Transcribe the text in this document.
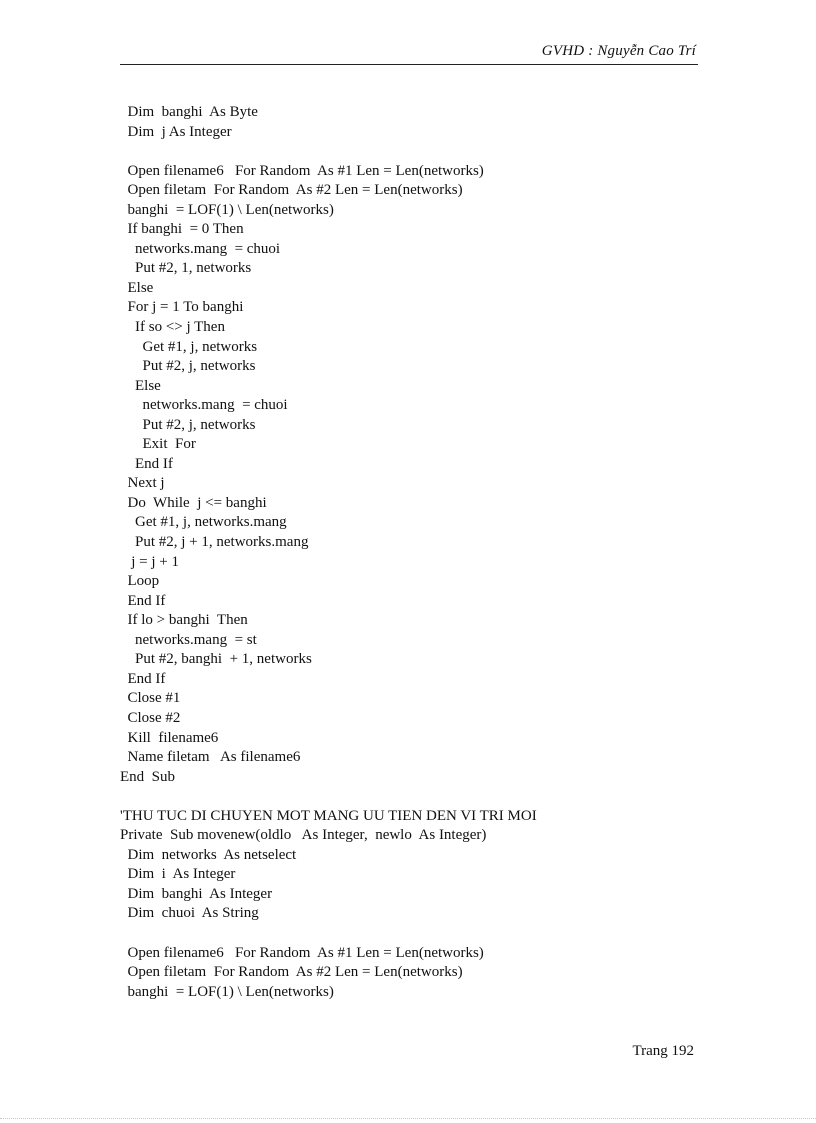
GVHD : Nguyễn Cao Trí
Dim  banghi  As Byte
Dim  j As Integer
Open filename6   For Random  As #1 Len = Len(networks)
Open filetam  For Random  As #2 Len = Len(networks)
banghi  = LOF(1) \ Len(networks)
If banghi  = 0 Then
networks.mang  = chuoi
Put #2, 1, networks
Else
For j = 1 To banghi
If so <> j Then
Get #1, j, networks
Put #2, j, networks
Else
networks.mang  = chuoi
Put #2, j, networks
Exit  For
End If
Next j
Do  While  j <= banghi
Get #1, j, networks.mang
Put #2, j + 1, networks.mang
j = j + 1
Loop
End If
If lo > banghi  Then
networks.mang  = st
Put #2, banghi  + 1, networks
End If
Close #1
Close #2
Kill  filename6
Name filetam   As filename6
End  Sub
'THU TUC DI CHUYEN MOT MANG UU TIEN DEN VI TRI MOI
Private  Sub movenew(oldlo   As Integer,  newlo  As Integer)
Dim  networks  As netselect
Dim  i  As Integer
Dim  banghi  As Integer
Dim  chuoi  As String
Open filename6   For Random  As #1 Len = Len(networks)
Open filetam  For Random  As #2 Len = Len(networks)
banghi  = LOF(1) \ Len(networks)
Trang 192
